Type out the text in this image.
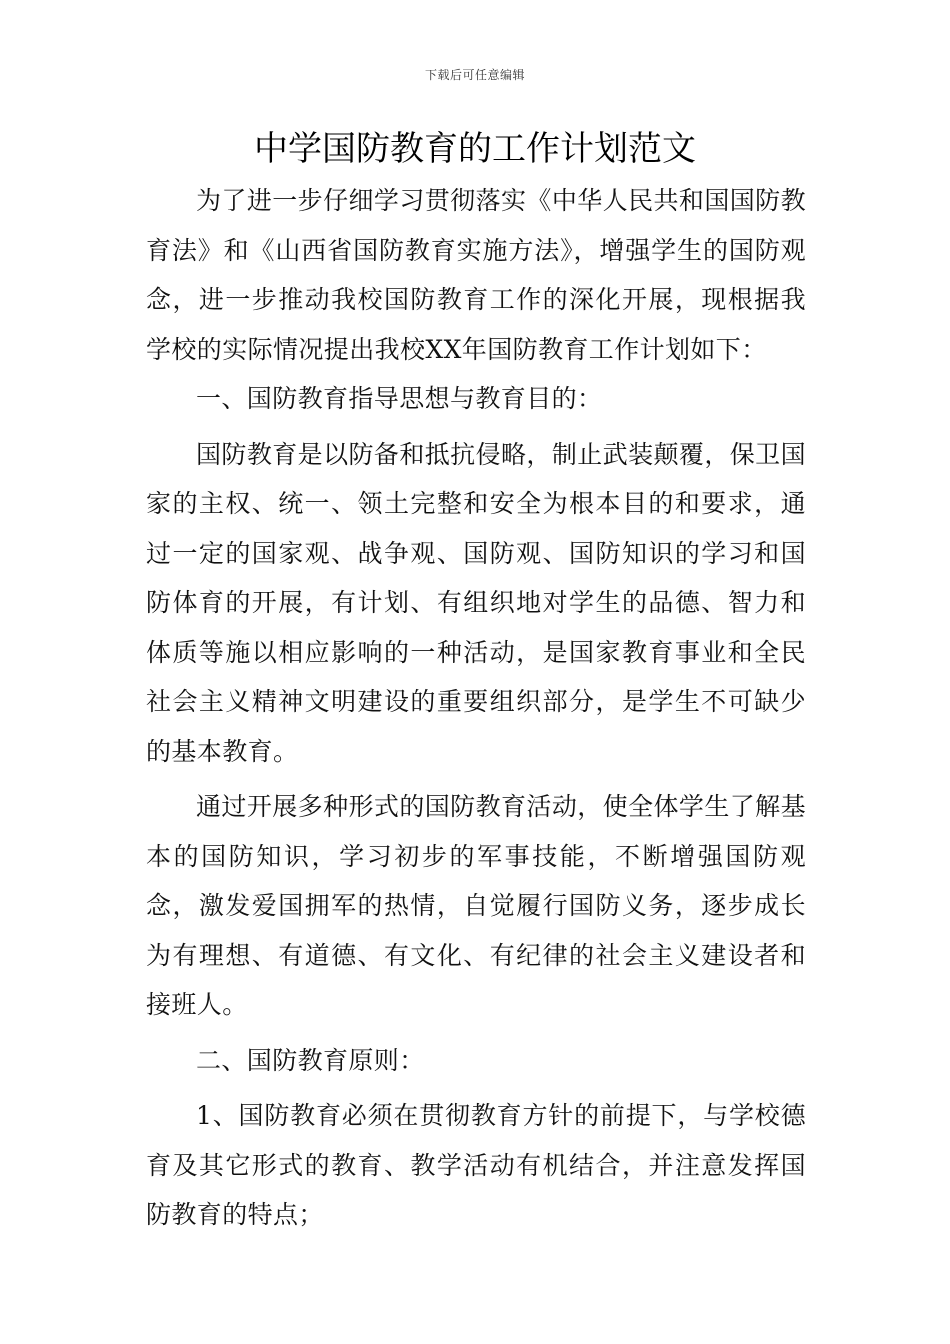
下载后可任意编辑
中学国防教育的工作计划范文

为了进一步仔细学习贯彻落实《中华人民共和国国防教育法》和《山西省国防教育实施方法》，增强学生的国防观念，进一步推动我校国防教育工作的深化开展，现根据我学校的实际情况提出我校XX年国防教育工作计划如下：

一、国防教育指导思想与教育目的：

国防教育是以防备和抵抗侵略，制止武装颠覆，保卫国家的主权、统一、领土完整和安全为根本目的和要求，通过一定的国家观、战争观、国防观、国防知识的学习和国防体育的开展，有计划、有组织地对学生的品德、智力和体质等施以相应影响的一种活动，是国家教育事业和全民社会主义精神文明建设的重要组织部分，是学生不可缺少的基本教育。

通过开展多种形式的国防教育活动，使全体学生了解基本的国防知识，学习初步的军事技能，不断增强国防观念，激发爱国拥军的热情，自觉履行国防义务，逐步成长为有理想、有道德、有文化、有纪律的社会主义建设者和接班人。

二、国防教育原则：

1、国防教育必须在贯彻教育方针的前提下，与学校德育及其它形式的教育、教学活动有机结合，并注意发挥国防教育的特点；
